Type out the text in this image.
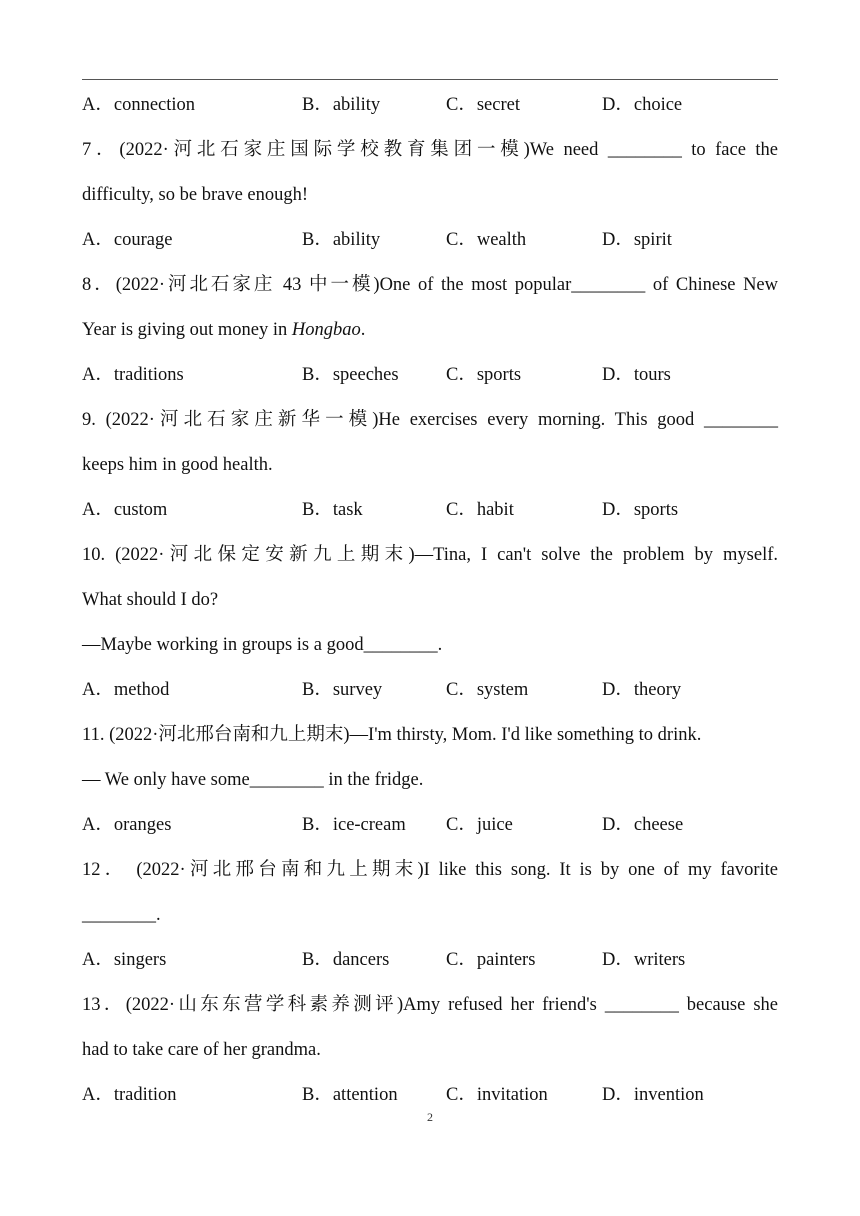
A．connection	B．ability	C．secret	D．choice
7．(2022·河北石家庄国际学校教育集团一模)We need ________ to face the
difficulty, so be brave enough!
A．courage	B．ability	C．wealth	D．spirit
8．(2022·河北石家庄 43 中一模)One of the most popular________ of Chinese New
Year is giving out money in Hongbao.
A．traditions	B．speeches	C．sports	D．tours
9. (2022·河北石家庄新华一模)He exercises every morning. This good ________
keeps him in good health.
A．custom	B．task	C．habit	D．sports
10. (2022·河北保定安新九上期末)—Tina, I can't solve the problem by myself.
What should I do?
—Maybe working in groups is a good________.
A．method	B．survey	C．system	D．theory
11. (2022·河北邢台南和九上期末)—I'm thirsty, Mom. I'd like something to drink.
— We only have some________ in the fridge.
A．oranges	B．ice-cream C．juice	D．cheese
12． (2022·河北邢台南和九上期末)I like this song. It is by one of my favorite
________.
A．singers	B．dancers	C．painters	D．writers
13．(2022·山东东营学科素养测评)Amy refused her friend's ________ because she
had to take care of her grandma.
A．tradition	B．attention	C．invitation	D．invention
2
